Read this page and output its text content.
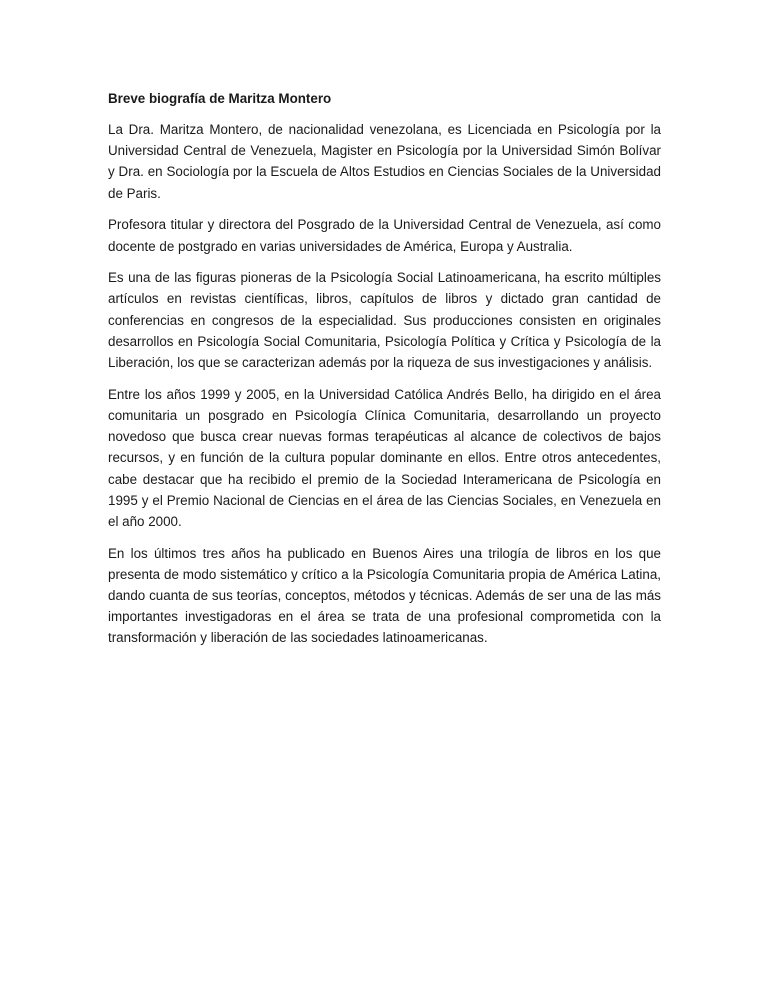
Breve biografía de Maritza Montero

La Dra. Maritza Montero, de nacionalidad venezolana, es Licenciada en Psicología por la Universidad Central de Venezuela, Magister en Psicología por la Universidad Simón Bolívar y Dra. en Sociología por la Escuela de Altos Estudios en Ciencias Sociales de la Universidad de Paris.

Profesora titular y directora del Posgrado de la Universidad Central de Venezuela, así como docente de postgrado en varias universidades de América, Europa y Australia.

Es una de las figuras pioneras de la Psicología Social Latinoamericana, ha escrito múltiples artículos en revistas científicas, libros, capítulos de libros y dictado gran cantidad de conferencias en congresos de la especialidad. Sus producciones consisten en originales desarrollos en Psicología Social Comunitaria, Psicología Política y Crítica y Psicología de la Liberación, los que se caracterizan además por la riqueza de sus investigaciones y análisis.

Entre los años 1999 y 2005, en la Universidad Católica Andrés Bello, ha dirigido en el área comunitaria un posgrado en Psicología Clínica Comunitaria, desarrollando un proyecto novedoso que busca crear nuevas formas terapéuticas al alcance de colectivos de bajos recursos, y en función de la cultura popular dominante en ellos. Entre otros antecedentes, cabe destacar que ha recibido el premio de la Sociedad Interamericana de Psicología en 1995 y el Premio Nacional de Ciencias en el área de las Ciencias Sociales, en Venezuela en el año 2000.

En los últimos tres años ha publicado en Buenos Aires una trilogía de libros en los que presenta de modo sistemático y crítico a la Psicología Comunitaria propia de América Latina, dando cuanta de sus teorías, conceptos, métodos y técnicas. Además de ser una de las más importantes investigadoras en el área se trata de una profesional comprometida con la transformación y liberación de las sociedades latinoamericanas.
